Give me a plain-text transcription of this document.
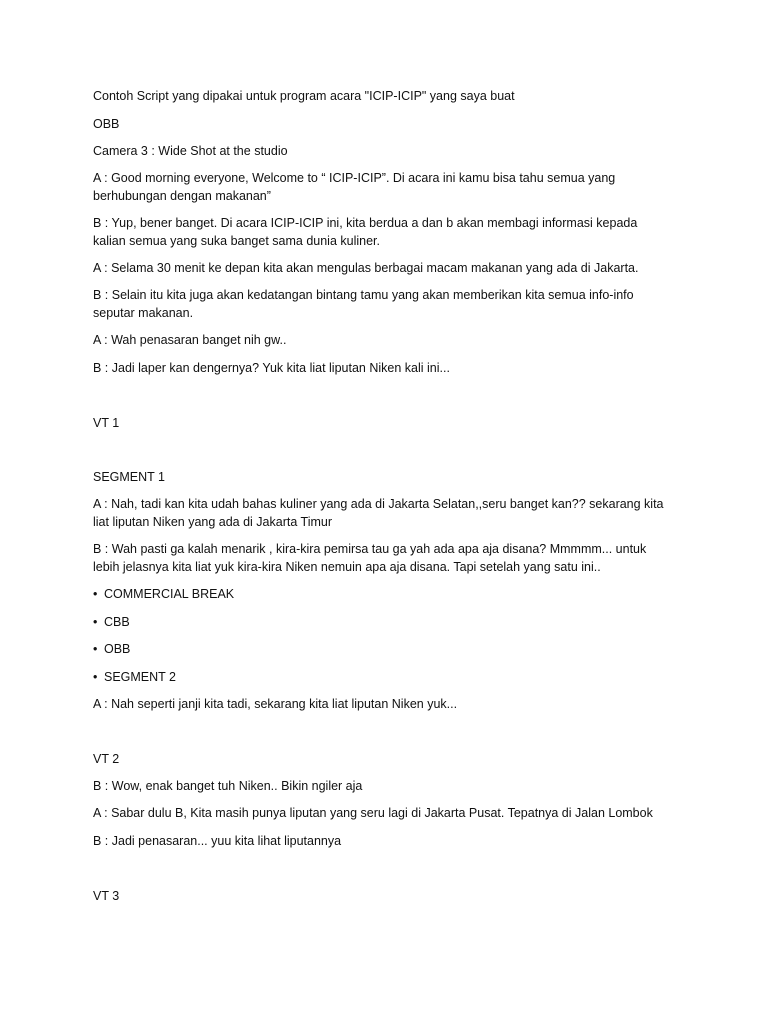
Contoh Script yang dipakai untuk program acara "ICIP-ICIP" yang saya buat

OBB

Camera 3 : Wide Shot at the studio

A : Good morning everyone, Welcome to “ ICIP-ICIP”. Di acara ini kamu bisa tahu semua yang berhubungan dengan makanan”

B : Yup, bener banget. Di acara ICIP-ICIP ini, kita berdua a dan b akan membagi informasi kepada kalian semua yang suka banget sama dunia kuliner.

A : Selama 30 menit ke depan kita akan mengulas berbagai macam makanan yang ada di Jakarta.

B : Selain itu kita juga akan kedatangan bintang tamu yang akan memberikan kita semua info-info seputar makanan.

A : Wah penasaran banget nih gw..

B : Jadi laper kan dengernya? Yuk kita liat liputan Niken kali ini...

VT 1

SEGMENT 1

A : Nah, tadi kan kita udah bahas kuliner yang ada di Jakarta Selatan,,seru banget kan?? sekarang kita liat liputan Niken yang ada di Jakarta Timur

B : Wah pasti ga kalah menarik , kira-kira pemirsa tau ga yah ada apa aja disana? Mmmmm... untuk lebih jelasnya kita liat yuk kira-kira Niken nemuin apa aja disana. Tapi setelah yang satu ini..

• COMMERCIAL BREAK

• CBB

• OBB

• SEGMENT 2

A : Nah seperti janji kita tadi, sekarang kita liat liputan Niken yuk...

VT 2

B : Wow, enak banget tuh Niken.. Bikin ngiler aja

A : Sabar dulu B, Kita masih punya liputan yang seru lagi di Jakarta Pusat. Tepatnya di Jalan Lombok

B : Jadi penasaran... yuu kita lihat liputannya

VT 3
